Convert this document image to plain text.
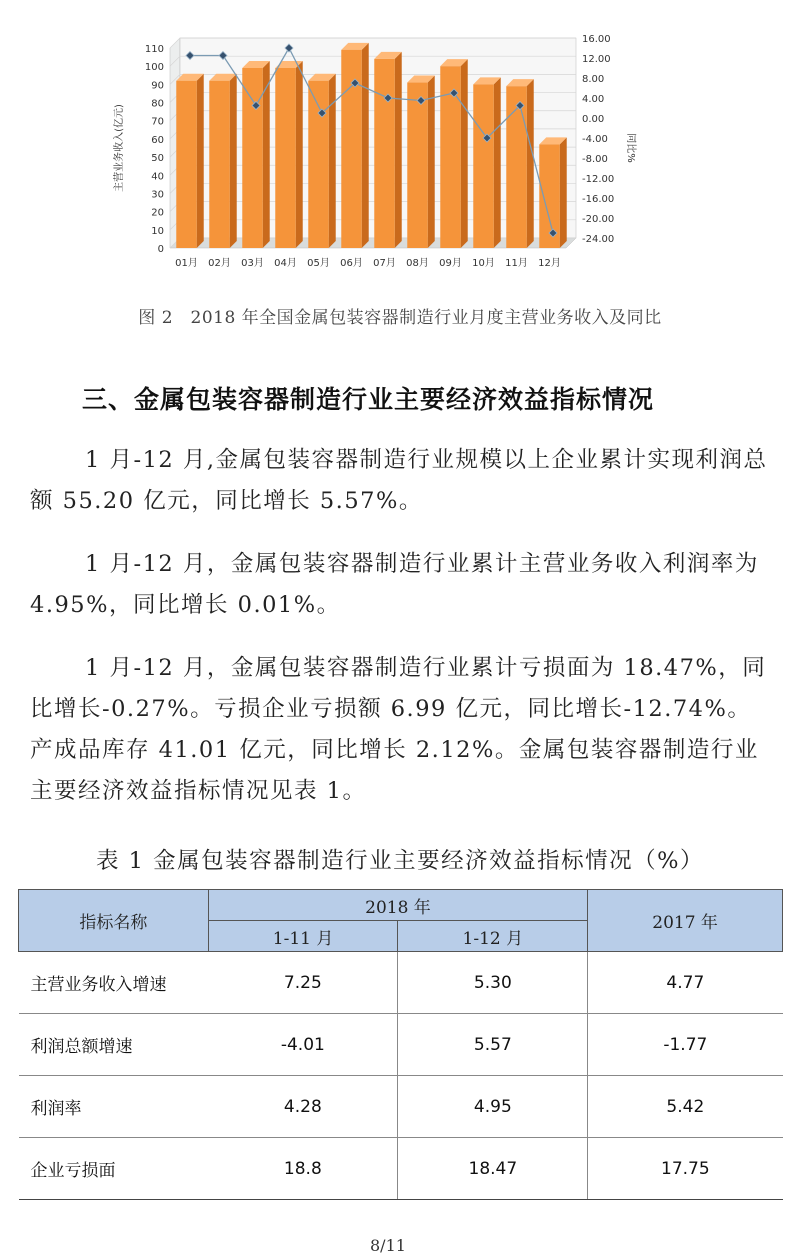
0
10
20
30
40
50
60
70
80
90
100
110
16.00
12.00
8.00
4.00
0.00
-4.00
-8.00
-12.00
-16.00
-20.00
-24.00
主营业务收入(亿元)	同比%
01月 02月 03月 04月 05月 06月 07月 08月 09月 10月 11月 12月
图 2　2018 年全国金属包装容器制造行业月度主营业务收入及同比
三、金属包装容器制造行业主要经济效益指标情况
1 月-12 月,金属包装容器制造行业规模以上企业累计实现利润总额 55.20 亿元，同比增长 5.57%。
1 月-12 月，金属包装容器制造行业累计主营业务收入利润率为 4.95%，同比增长 0.01%。
1 月-12 月，金属包装容器制造行业累计亏损面为 18.47%，同比增长-0.27%。亏损企业亏损额 6.99 亿元，同比增长-12.74%。产成品库存 41.01 亿元，同比增长 2.12%。金属包装容器制造行业主要经济效益指标情况见表 1。
表 1 金属包装容器制造行业主要经济效益指标情况（%）
指标名称	2018 年		2017 年
	1-11 月	1-12 月	
主营业务收入增速	7.25	5.30	4.77
利润总额增速	-4.01	5.57	-1.77
利润率	4.28	4.95	5.42
企业亏损面	18.8	18.47	17.75
8/11
